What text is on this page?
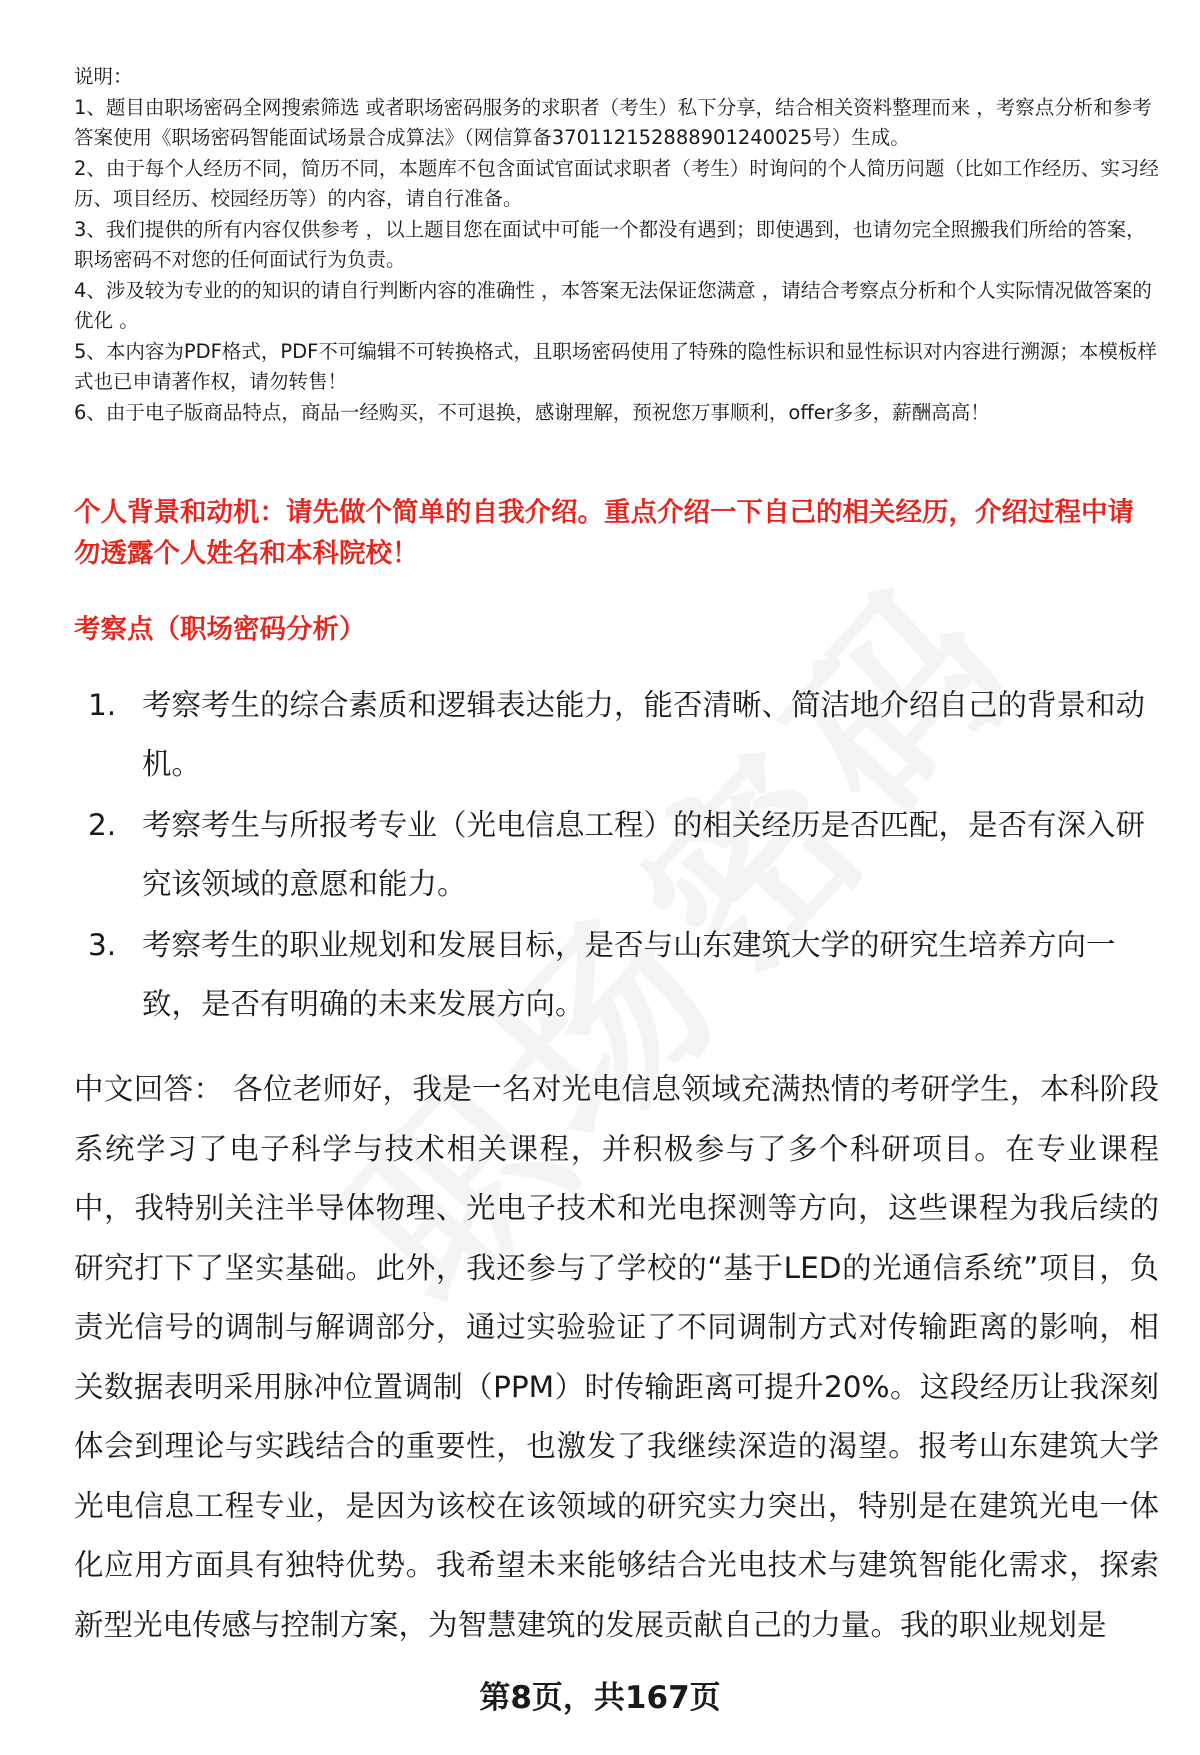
说明：

1、题目由职场密码全网搜索筛选 或者职场密码服务的求职者（考生）私下分享，结合相关资料整理而来 ，考察点分析和参考答案使用《职场密码智能面试场景合成算法》（网信算备370112152888901240025号）生成。

2、由于每个人经历不同，简历不同，本题库不包含面试官面试求职者（考生）时询问的个人简历问题（比如工作经历、实习经历、项目经历、校园经历等）的内容，请自行准备。

3、我们提供的所有内容仅供参考 ，以上题目您在面试中可能一个都没有遇到；即使遇到，也请勿完全照搬我们所给的答案，职场密码不对您的任何面试行为负责。

4、涉及较为专业的的知识的请自行判断内容的准确性 ，本答案无法保证您满意 ，请结合考察点分析和个人实际情况做答案的优化 。

5、本内容为PDF格式，PDF不可编辑不可转换格式，且职场密码使用了特殊的隐性标识和显性标识对内容进行溯源；本模板样式也已申请著作权，请勿转售！

6、由于电子版商品特点，商品一经购买，不可退换，感谢理解，预祝您万事顺利，offer多多，薪酬高高！

个人背景和动机：请先做个简单的自我介绍。重点介绍一下自己的相关经历，介绍过程中请勿透露个人姓名和本科院校！

考察点（职场密码分析）

1. 考察考生的综合素质和逻辑表达能力，能否清晰、简洁地介绍自己的背景和动机。
2. 考察考生与所报考专业（光电信息工程）的相关经历是否匹配，是否有深入研究该领域的意愿和能力。
3. 考察考生的职业规划和发展目标，是否与山东建筑大学的研究生培养方向一致，是否有明确的未来发展方向。

中文回答： 各位老师好，我是一名对光电信息领域充满热情的考研学生，本科阶段系统学习了电子科学与技术相关课程，并积极参与了多个科研项目。在专业课程中，我特别关注半导体物理、光电子技术和光电探测等方向，这些课程为我后续的研究打下了坚实基础。此外，我还参与了学校的“基于LED的光通信系统”项目，负责光信号的调制与解调部分，通过实验验证了不同调制方式对传输距离的影响，相关数据表明采用脉冲位置调制（PPM）时传输距离可提升20%。这段经历让我深刻体会到理论与实践结合的重要性，也激发了我继续深造的渴望。报考山东建筑大学光电信息工程专业，是因为该校在该领域的研究实力突出，特别是在建筑光电一体化应用方面具有独特优势。我希望未来能够结合光电技术与建筑智能化需求，探索新型光电传感与控制方案，为智慧建筑的发展贡献自己的力量。我的职业规划是

第8页，共167页
